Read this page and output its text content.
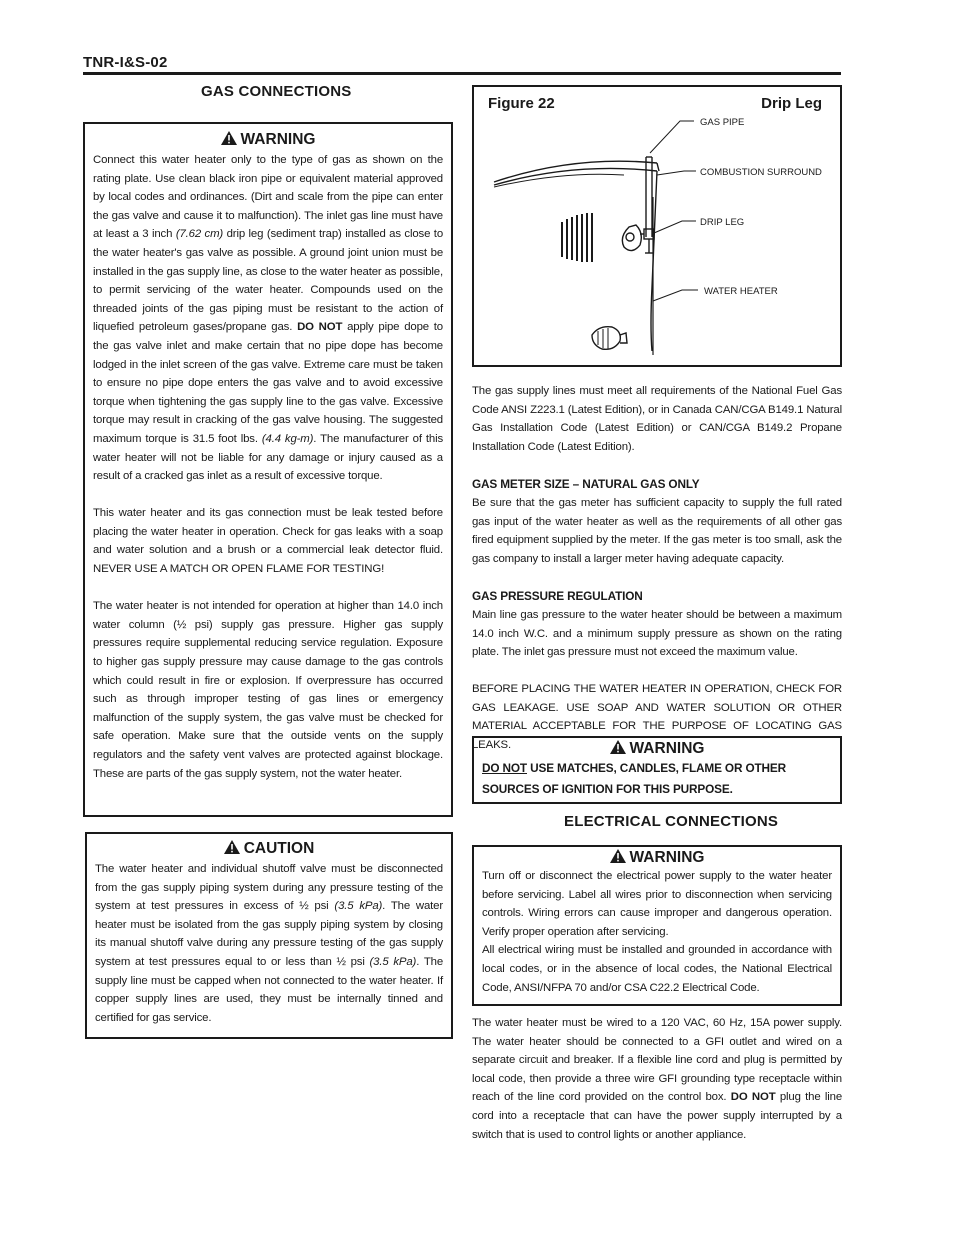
TNR-I&S-02
GAS CONNECTIONS
WARNING

Connect this water heater only to the type of gas as shown on the rating plate. Use clean black iron pipe or equivalent material approved by local codes and ordinances. (Dirt and scale from the pipe can enter the gas valve and cause it to malfunction). The inlet gas line must have at least a 3 inch (7.62 cm) drip leg (sediment trap) installed as close to the water heater's gas valve as possible. A ground joint union must be installed in the gas supply line, as close to the water heater as possible, to permit servicing of the water heater. Compounds used on the threaded joints of the gas piping must be resistant to the action of liquefied petroleum gases/propane gas. DO NOT apply pipe dope to the gas valve inlet and make certain that no pipe dope has become lodged in the inlet screen of the gas valve. Extreme care must be taken to ensure no pipe dope enters the gas valve and to avoid excessive torque when tightening the gas supply line to the gas valve. Excessive torque may result in cracking of the gas valve housing. The suggested maximum torque is 31.5 foot lbs. (4.4 kg-m). The manufacturer of this water heater will not be liable for any damage or injury caused as a result of a cracked gas inlet as a result of excessive torque.

This water heater and its gas connection must be leak tested before placing the water heater in operation. Check for gas leaks with a soap and water solution and a brush or a commercial leak detector fluid. NEVER USE A MATCH OR OPEN FLAME FOR TESTING!

The water heater is not intended for operation at higher than 14.0 inch water column (½ psi) supply gas pressure. Higher gas supply pressures require supplemental reducing service regulation. Exposure to higher gas supply pressure may cause damage to the gas controls which could result in fire or explosion. If overpressure has occurred such as through improper testing of gas lines or emergency malfunction of the supply system, the gas valve must be checked for safe operation. Make sure that the outside vents on the supply regulators and the safety vent valves are protected against blockage. These are parts of the gas supply system, not the water heater.

CAUTION

The water heater and individual shutoff valve must be disconnected from the gas supply piping system during any pressure testing of the system at test pressures in excess of ½ psi (3.5 kPa). The water heater must be isolated from the gas supply piping system by closing its manual shutoff valve during any pressure testing of the gas supply system at test pressures equal to or less than ½ psi (3.5 kPa). The supply line must be capped when not connected to the water heater. If copper supply lines are used, they must be internally tinned and certified for gas service.

Figure 22	Drip Leg
GAS PIPE
COMBUSTION SURROUND
DRIP LEG
WATER HEATER

The gas supply lines must meet all requirements of the National Fuel Gas Code ANSI Z223.1 (Latest Edition), or in Canada CAN/CGA B149.1 Natural Gas Installation Code (Latest Edition) or CAN/CGA B149.2 Propane Installation Code (Latest Edition).

GAS METER SIZE – NATURAL GAS ONLY

Be sure that the gas meter has sufficient capacity to supply the full rated gas input of the water heater as well as the requirements of all other gas fired equipment supplied by the meter. If the gas meter is too small, ask the gas company to install a larger meter having adequate capacity.

GAS PRESSURE REGULATION

Main line gas pressure to the water heater should be between a maximum 14.0 inch W.C. and a minimum supply pressure as shown on the rating plate. The inlet gas pressure must not exceed the maximum value.

BEFORE PLACING THE WATER HEATER IN OPERATION, CHECK FOR GAS LEAKAGE. USE SOAP AND WATER SOLUTION OR OTHER MATERIAL ACCEPTABLE FOR THE PURPOSE OF LOCATING GAS LEAKS.	WARNING

DO NOT USE MATCHES, CANDLES, FLAME OR OTHER SOURCES OF IGNITION FOR THIS PURPOSE.

ELECTRICAL CONNECTIONS
WARNING

Turn off or disconnect the electrical power supply to the water heater before servicing. Label all wires prior to disconnection when servicing controls. Wiring errors can cause improper and dangerous operation. Verify proper operation after servicing.

All electrical wiring must be installed and grounded in accordance with local codes, or in the absence of local codes, the National Electrical Code, ANSI/NFPA 70 and/or CSA C22.2 Electrical Code.

The water heater must be wired to a 120 VAC, 60 Hz, 15A power supply. The water heater should be connected to a GFI outlet and wired on a separate circuit and breaker. If a flexible line cord and plug is permitted by local code, then provide a three wire GFI grounding type receptacle within reach of the line cord provided on the control box. DO NOT plug the line cord into a receptacle that can have the power supply interrupted by a switch that is used to control lights or another appliance.
